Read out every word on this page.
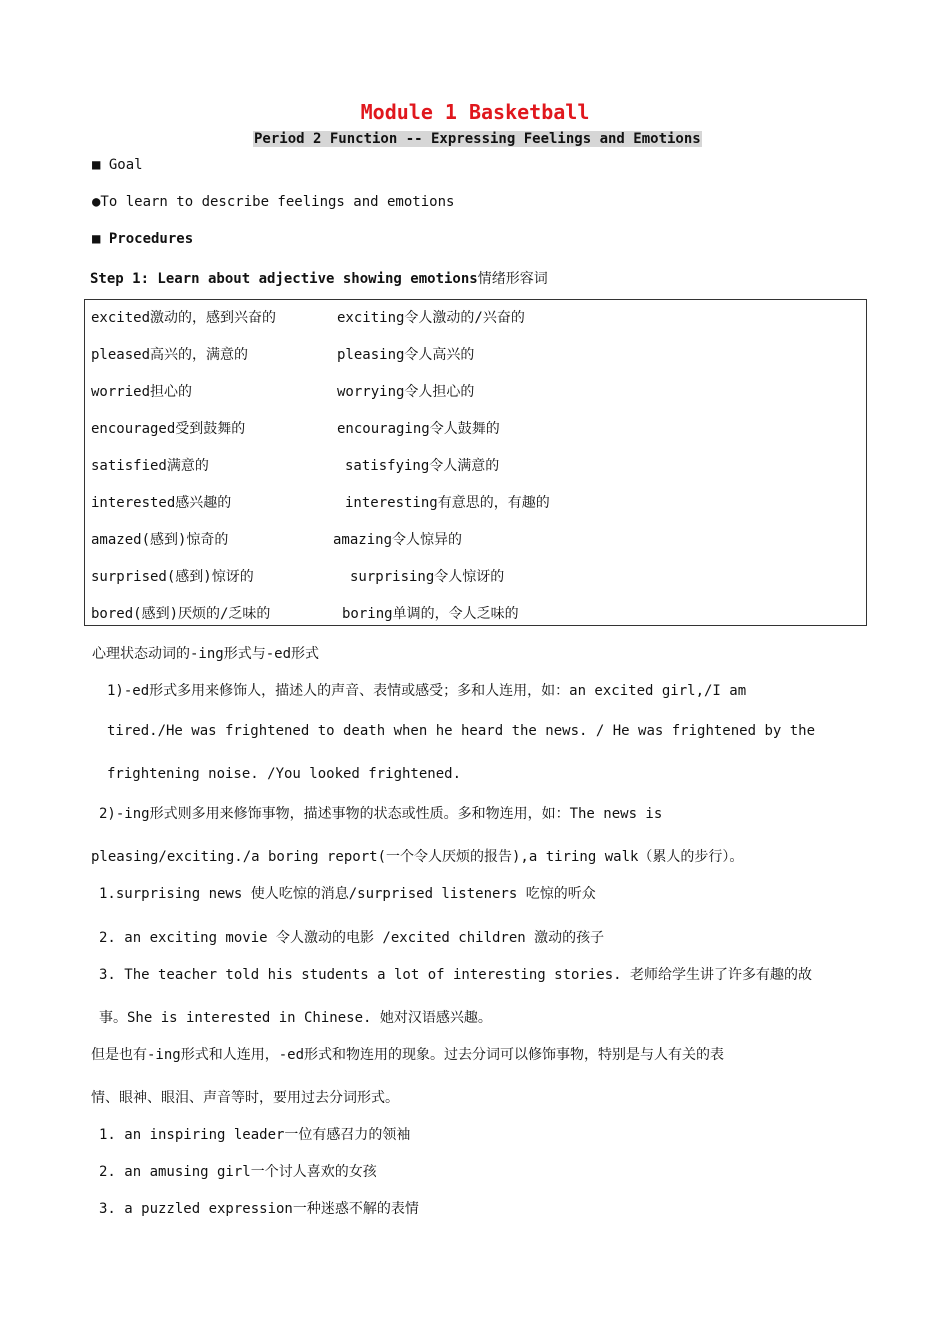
Module 1 Basketball
Period 2 Function -- Expressing Feelings and Emotions
■ Goal
●To learn to describe feelings and emotions
■ Procedures
Step 1: Learn about adjective showing emotions情绪形容词
excited激动的，感到兴奋的	exciting令人激动的/兴奋的
pleased高兴的，满意的	pleasing令人高兴的
worried担心的	worrying令人担心的
encouraged受到鼓舞的	encouraging令人鼓舞的
satisfied满意的	satisfying令人满意的
interested感兴趣的	interesting有意思的，有趣的
amazed(感到)惊奇的	amazing令人惊异的
surprised(感到)惊讶的	surprising令人惊讶的
bored(感到)厌烦的/乏味的	boring单调的，令人乏味的
心理状态动词的-ing形式与-ed形式
1)-ed形式多用来修饰人，描述人的声音、表情或感受；多和人连用，如：an excited girl,/I am
tired./He was frightened to death when he heard the news. / He was frightened by the
frightening noise. /You looked frightened.
2)-ing形式则多用来修饰事物，描述事物的状态或性质。多和物连用，如：The news is
pleasing/exciting./a boring report(一个令人厌烦的报告),a tiring walk（累人的步行）。
1.surprising news 使人吃惊的消息/surprised listeners 吃惊的听众
2. an exciting movie 令人激动的电影 /excited children 激动的孩子
3. The teacher told his students a lot of interesting stories. 老师给学生讲了许多有趣的故
事。She is interested in Chinese. 她对汉语感兴趣。
但是也有-ing形式和人连用，-ed形式和物连用的现象。过去分词可以修饰事物，特别是与人有关的表
情、眼神、眼泪、声音等时，要用过去分词形式。
1. an inspiring leader一位有感召力的领袖
2. an amusing girl一个讨人喜欢的女孩
3. a puzzled expression一种迷惑不解的表情
